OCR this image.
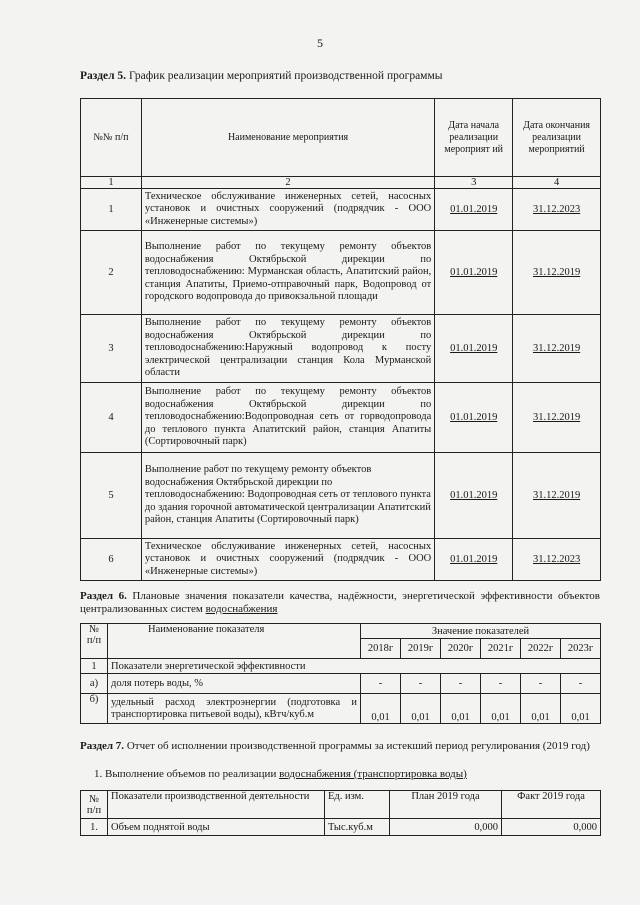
5
Раздел 5. График реализации мероприятий производственной программы
№№ п/п	Наименование мероприятия	Дата начала реализации мероприят ий	Дата окончания реализации мероприятий
1	2	3	4
1	Техническое обслуживание инженерных сетей, насосных установок и очистных сооружений (подрядчик - ООО «Инженерные системы»)	01.01.2019	31.12.2023
2	Выполнение работ по текущему ремонту объектов водоснабжения Октябрьской дирекции по тепловодоснабжению: Мурманская область, Апатитский район, станция Апатиты, Приемо-отправочный парк, Водопровод от городского водопровода до привокзальной площади	01.01.2019	31.12.2019
3	Выполнение работ по текущему ремонту объектов водоснабжения Октябрьской дирекции по тепловодоснабжению:Наружный водопровод к посту электрической централизации станция Кола Мурманской области	01.01.2019	31.12.2019
4	Выполнение работ по текущему ремонту объектов водоснабжения Октябрьской дирекции по тепловодоснабжению:Водопроводная сеть от горводопровода до теплового пункта Апатитский район, станция Апатиты (Сортировочный парк)	01.01.2019	31.12.2019
5	Выполнение работ по текущему ремонту объектов водоснабжения Октябрьской дирекции по тепловодоснабжению: Водопроводная сеть от теплового пункта до здания горочной автоматической централизации Апатитский район, станция Апатиты (Сортировочный парк)	01.01.2019	31.12.2019
6	Техническое обслуживание инженерных сетей, насосных установок и очистных сооружений (подрядчик - ООО «Инженерные системы»)	01.01.2019	31.12.2023
Раздел 6. Плановые значения показатели качества, надёжности, энергетической эффективности объектов централизованных систем водоснабжения
№ п/п	Наименование показателя	Значение показателей					
		2018г	2019г	2020г	2021г	2022г	2023г
1	Показатели энергетической эффективности						
а)	доля потерь воды, %	-	-	-	-	-	-
б)	удельный расход электроэнергии (подготовка и транспортировка питьевой воды), кВтч/куб.м	0,01	0,01	0,01	0,01	0,01	0,01
Раздел 7. Отчет об исполнении производственной программы за истекший период регулирования (2019 год)
1. Выполнение объемов по реализации водоснабжения (транспортировка воды)
№ п/п	Показатели производственной деятельности	Ед. изм.	План 2019 года	Факт 2019 года
1.	Объем поднятой воды	Тыс.куб.м	0,000	0,000
